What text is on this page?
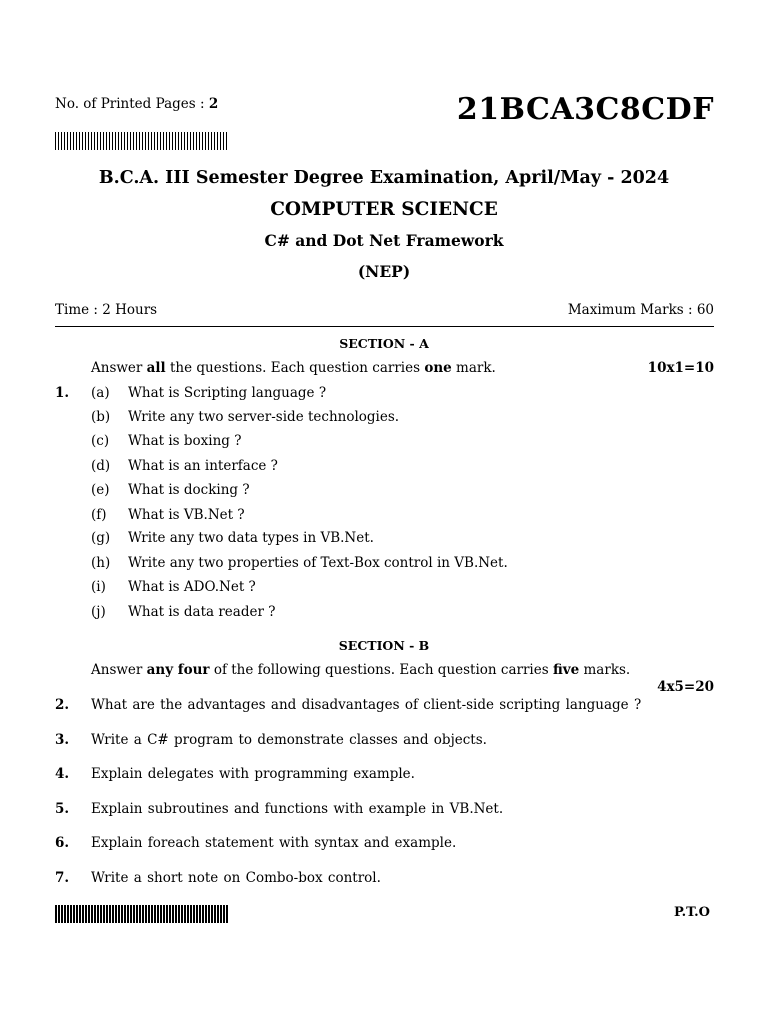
No. of Printed Pages : 2	21BCA3C8CDF
B.C.A. III Semester Degree Examination, April/May - 2024
COMPUTER SCIENCE
C# and Dot Net Framework
(NEP)
Time : 2 Hours	Maximum Marks : 60
SECTION - A
Answer all the questions. Each question carries one mark.	10x1=10
1. (a) What is Scripting language ?
(b) Write any two server-side technologies.
(c) What is boxing ?
(d) What is an interface ?
(e) What is docking ?
(f) What is VB.Net ?
(g) Write any two data types in VB.Net.
(h) Write any two properties of Text-Box control in VB.Net.
(i) What is ADO.Net ?
(j) What is data reader ?
SECTION - B
Answer any four of the following questions. Each question carries five marks.
4x5=20
2. What are the advantages and disadvantages of client-side scripting language ?
3. Write a C# program to demonstrate classes and objects.
4. Explain delegates with programming example.
5. Explain subroutines and functions with example in VB.Net.
6. Explain foreach statement with syntax and example.
7. Write a short note on Combo-box control.
P.T.O
